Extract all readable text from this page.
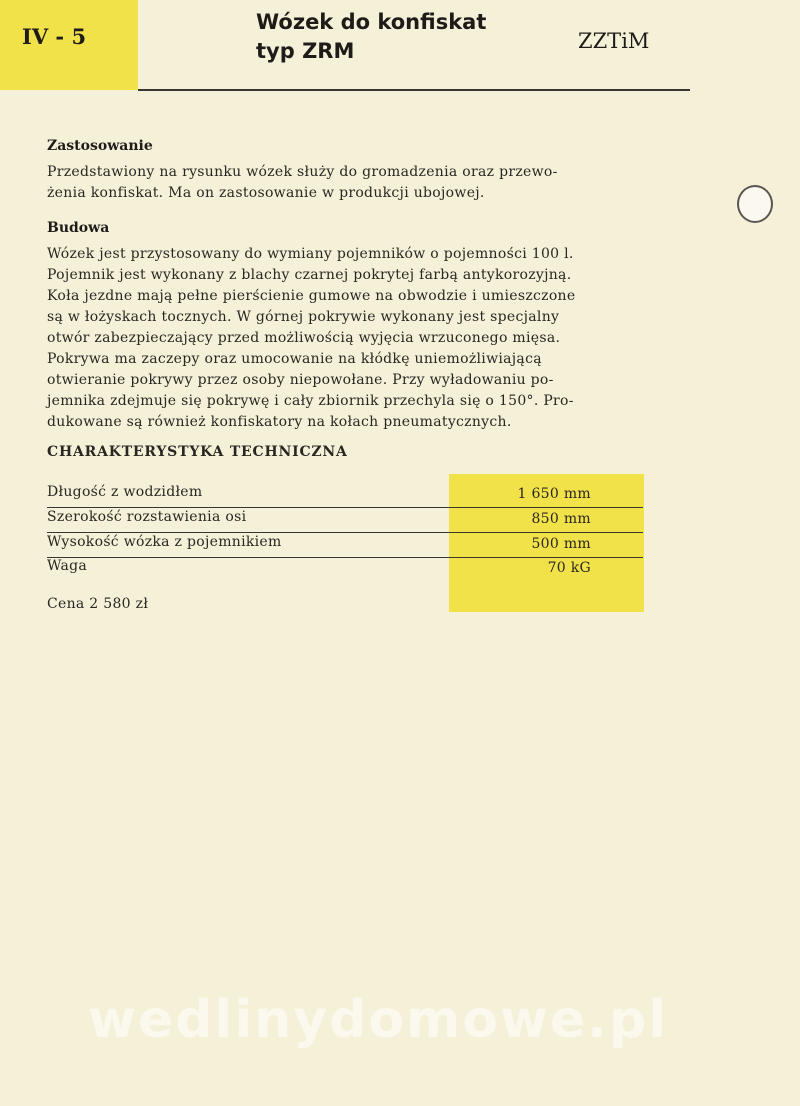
IV - 5
Wózek do konfiskat
typ ZRM	ZZTiM
Zastosowanie
Przedstawiony na rysunku wózek służy do gromadzenia oraz przewo-
żenia konfiskat. Ma on zastosowanie w produkcji ubojowej.
Budowa
Wózek jest przystosowany do wymiany pojemników o pojemności 100 l.
Pojemnik jest wykonany z blachy czarnej pokrytej farbą antykorozyjną.
Koła jezdne mają pełne pierścienie gumowe na obwodzie i umieszczone
są w łożyskach tocznych. W górnej pokrywie wykonany jest specjalny
otwór zabezpieczający przed możliwością wyjęcia wrzuconego mięsa.
Pokrywa ma zaczepy oraz umocowanie na kłódkę uniemożliwiającą
otwieranie pokrywy przez osoby niepowołane. Przy wyładowaniu po-
jemnika zdejmuje się pokrywę i cały zbiornik przechyla się o 150°. Pro-
dukowane są również konfiskatory na kołach pneumatycznych.
CHARAKTERYSTYKA TECHNICZNA
Długość z wodzidłem	1 650 mm
Szerokość rozstawienia osi	850 mm
Wysokość wózka z pojemnikiem	500 mm
Waga	70 kG
Cena 2 580 zł
wedlinydomowe.pl
